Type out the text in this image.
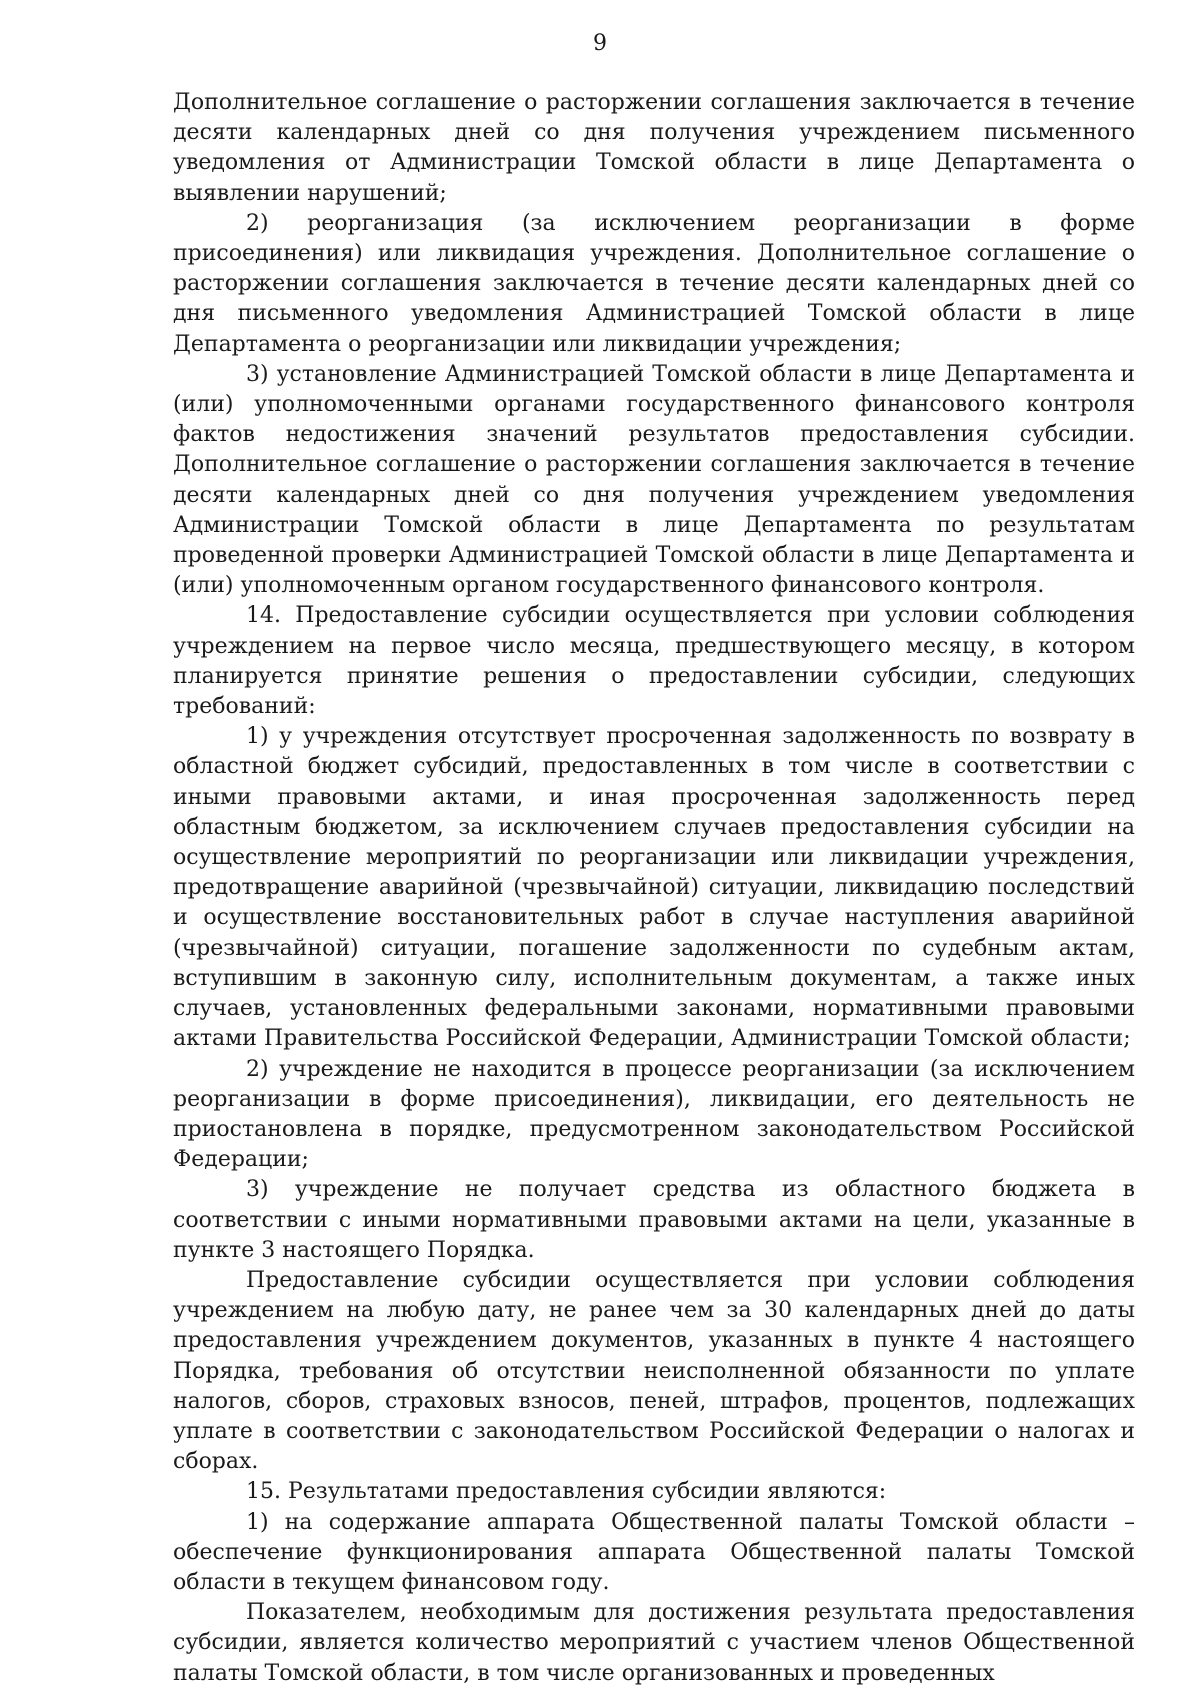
9

Дополнительное соглашение о расторжении соглашения заключается в течение десяти календарных дней со дня получения учреждением письменного уведомления от Администрации Томской области в лице Департамента о выявлении нарушений;

2) реорганизация (за исключением реорганизации в форме присоединения) или ликвидация учреждения. Дополнительное соглашение о расторжении соглашения заключается в течение десяти календарных дней со дня письменного уведомления Администрацией Томской области в лице Департамента о реорганизации или ликвидации учреждения;

3) установление Администрацией Томской области в лице Департамента и (или) уполномоченными органами государственного финансового контроля фактов недостижения значений результатов предоставления субсидии. Дополнительное соглашение о расторжении соглашения заключается в течение десяти календарных дней со дня получения учреждением уведомления Администрации Томской области в лице Департамента по результатам проведенной проверки Администрацией Томской области в лице Департамента и (или) уполномоченным органом государственного финансового контроля.

14. Предоставление субсидии осуществляется при условии соблюдения учреждением на первое число месяца, предшествующего месяцу, в котором планируется принятие решения о предоставлении субсидии, следующих требований:

1) у учреждения отсутствует просроченная задолженность по возврату в областной бюджет субсидий, предоставленных в том числе в соответствии с иными правовыми актами, и иная просроченная задолженность перед областным бюджетом, за исключением случаев предоставления субсидии на осуществление мероприятий по реорганизации или ликвидации учреждения, предотвращение аварийной (чрезвычайной) ситуации, ликвидацию последствий и осуществление восстановительных работ в случае наступления аварийной (чрезвычайной) ситуации, погашение задолженности по судебным актам, вступившим в законную силу, исполнительным документам, а также иных случаев, установленных федеральными законами, нормативными правовыми актами Правительства Российской Федерации, Администрации Томской области;

2) учреждение не находится в процессе реорганизации (за исключением реорганизации в форме присоединения), ликвидации, его деятельность не приостановлена в порядке, предусмотренном законодательством Российской Федерации;

3) учреждение не получает средства из областного бюджета в соответствии с иными нормативными правовыми актами на цели, указанные в пункте 3 настоящего Порядка.

Предоставление субсидии осуществляется при условии соблюдения учреждением на любую дату, не ранее чем за 30 календарных дней до даты предоставления учреждением документов, указанных в пункте 4 настоящего Порядка, требования об отсутствии неисполненной обязанности по уплате налогов, сборов, страховых взносов, пеней, штрафов, процентов, подлежащих уплате в соответствии с законодательством Российской Федерации о налогах и сборах.

15. Результатами предоставления субсидии являются:

1) на содержание аппарата Общественной палаты Томской области – обеспечение функционирования аппарата Общественной палаты Томской области в текущем финансовом году.

Показателем, необходимым для достижения результата предоставления субсидии, является количество мероприятий с участием членов Общественной палаты Томской области, в том числе организованных и проведенных
